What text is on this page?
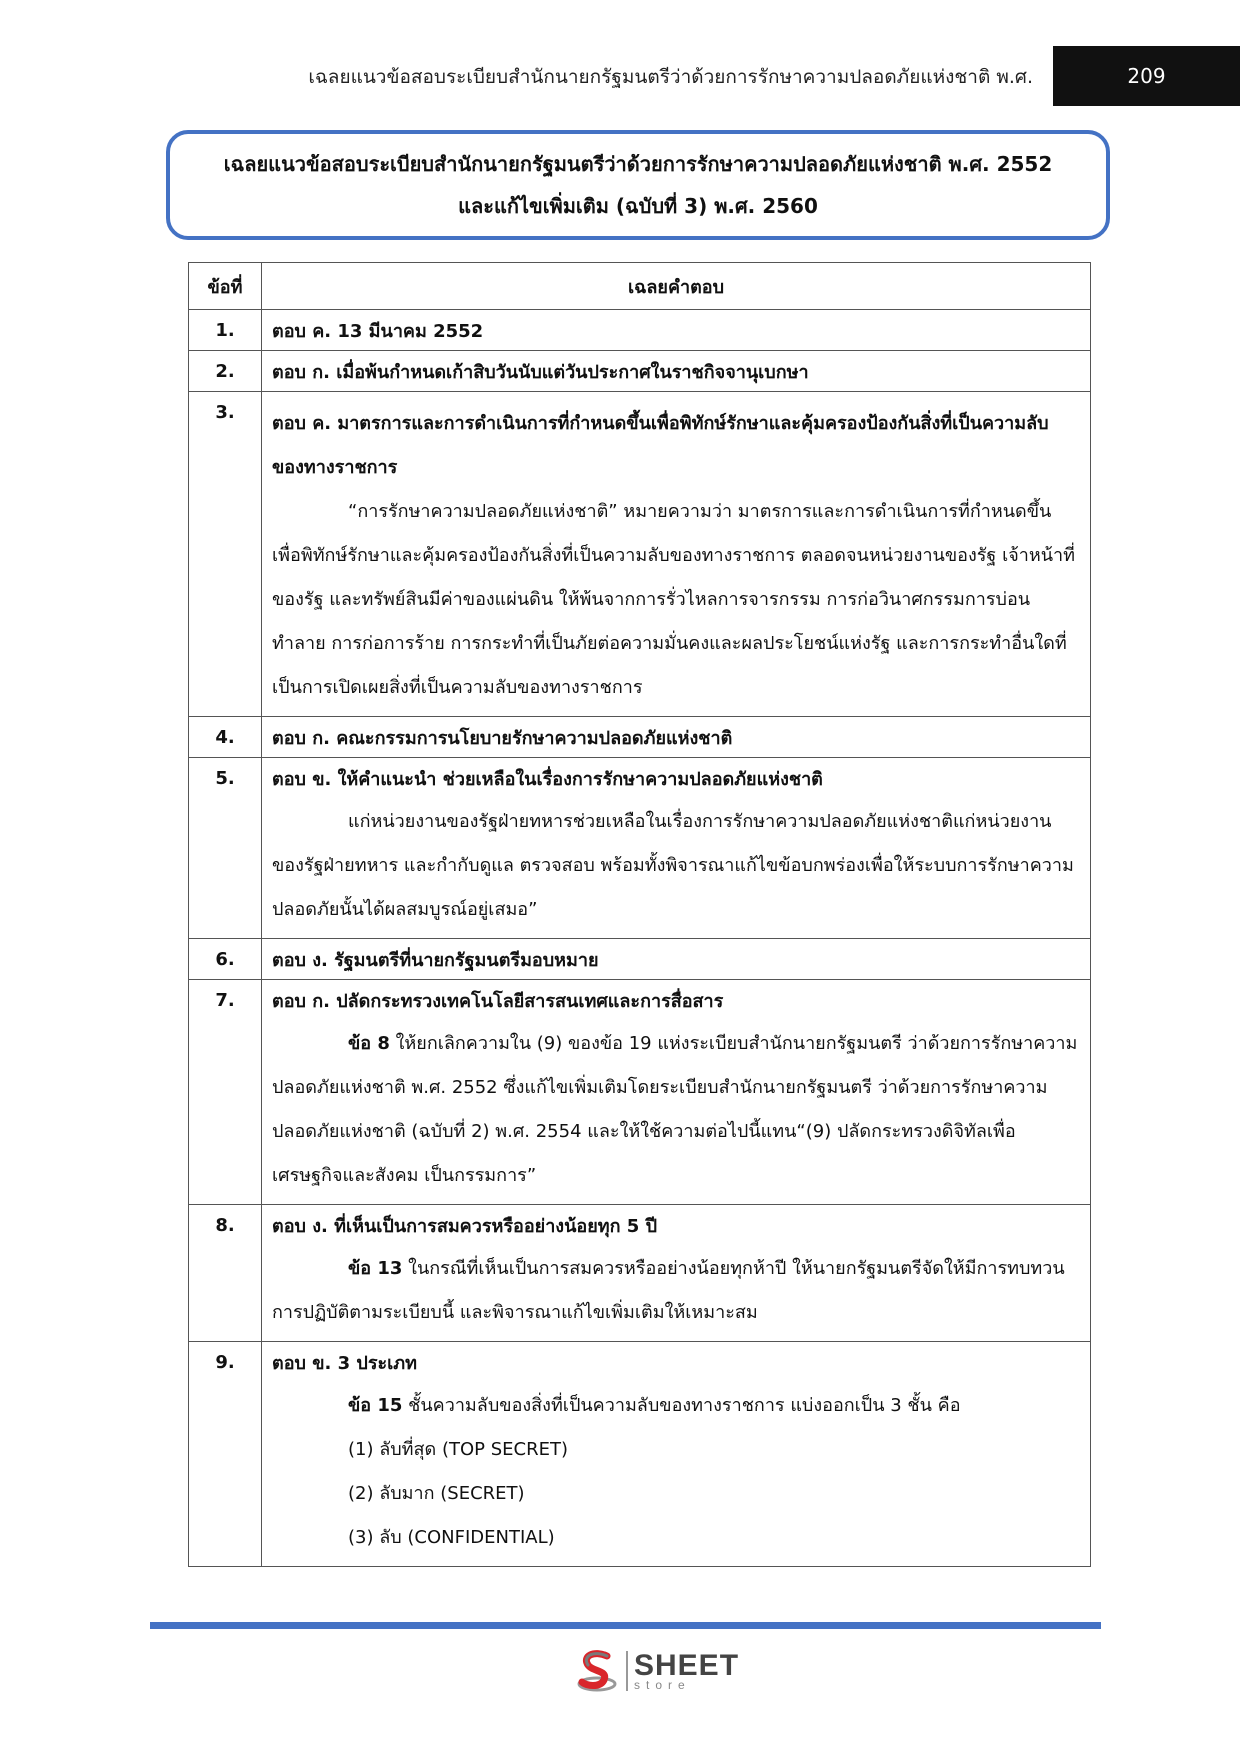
เฉลยแนวข้อสอบระเบียบสำนักนายกรัฐมนตรีว่าด้วยการรักษาความปลอดภัยแห่งชาติ พ.ศ.	209
เฉลยแนวข้อสอบระเบียบสำนักนายกรัฐมนตรีว่าด้วยการรักษาความปลอดภัยแห่งชาติ พ.ศ. 2552
และแก้ไขเพิ่มเติม (ฉบับที่ 3) พ.ศ. 2560
ข้อที่	เฉลยคำตอบ
1.	ตอบ ค. 13 มีนาคม 2552

2.	ตอบ ก. เมื่อพ้นกำหนดเก้าสิบวันนับแต่วันประกาศในราชกิจจานุเบกษา

3.	ตอบ ค. มาตรการและการดำเนินการที่กำหนดขึ้นเพื่อพิทักษ์รักษาและคุ้มครองป้องกันสิ่งที่เป็นความลับของทางราชการ

“การรักษาความปลอดภัยแห่งชาติ” หมายความว่า มาตรการและการดำเนินการที่กำหนดขึ้นเพื่อพิทักษ์รักษาและคุ้มครองป้องกันสิ่งที่เป็นความลับของทางราชการ ตลอดจนหน่วยงานของรัฐ เจ้าหน้าที่ของรัฐ และทรัพย์สินมีค่าของแผ่นดิน ให้พ้นจากการรั่วไหลการจารกรรม การก่อวินาศกรรมการบ่อนทำลาย การก่อการร้าย การกระทำที่เป็นภัยต่อความมั่นคงและผลประโยชน์แห่งรัฐ และการกระทำอื่นใดที่เป็นการเปิดเผยสิ่งที่เป็นความลับของทางราชการ

4.	ตอบ ก. คณะกรรมการนโยบายรักษาความปลอดภัยแห่งชาติ

5.	ตอบ ข. ให้คำแนะนำ ช่วยเหลือในเรื่องการรักษาความปลอดภัยแห่งชาติ

แก่หน่วยงานของรัฐฝ่ายทหารช่วยเหลือในเรื่องการรักษาความปลอดภัยแห่งชาติแก่หน่วยงานของรัฐฝ่ายทหาร และกำกับดูแล ตรวจสอบ พร้อมทั้งพิจารณาแก้ไขข้อบกพร่องเพื่อให้ระบบการรักษาความปลอดภัยนั้นได้ผลสมบูรณ์อยู่เสมอ”

6.	ตอบ ง. รัฐมนตรีที่นายกรัฐมนตรีมอบหมาย

7.	ตอบ ก. ปลัดกระทรวงเทคโนโลยีสารสนเทศและการสื่อสาร

ข้อ 8 ให้ยกเลิกความใน (9) ของข้อ 19 แห่งระเบียบสำนักนายกรัฐมนตรี ว่าด้วยการรักษาความปลอดภัยแห่งชาติ พ.ศ. 2552 ซึ่งแก้ไขเพิ่มเติมโดยระเบียบสำนักนายกรัฐมนตรี ว่าด้วยการรักษาความปลอดภัยแห่งชาติ (ฉบับที่ 2) พ.ศ. 2554 และให้ใช้ความต่อไปนี้แทน“(9) ปลัดกระทรวงดิจิทัลเพื่อเศรษฐกิจและสังคม เป็นกรรมการ”

8.	ตอบ ง. ที่เห็นเป็นการสมควรหรืออย่างน้อยทุก 5 ปี

ข้อ 13 ในกรณีที่เห็นเป็นการสมควรหรืออย่างน้อยทุกห้าปี ให้นายกรัฐมนตรีจัดให้มีการทบทวนการปฏิบัติตามระเบียบนี้ และพิจารณาแก้ไขเพิ่มเติมให้เหมาะสม

9.	ตอบ ข. 3 ประเภท

ข้อ 15 ชั้นความลับของสิ่งที่เป็นความลับของทางราชการ แบ่งออกเป็น 3 ชั้น คือ

(1) ลับที่สุด (TOP SECRET)

(2) ลับมาก (SECRET)

(3) ลับ (CONFIDENTIAL)

SHEET
store
